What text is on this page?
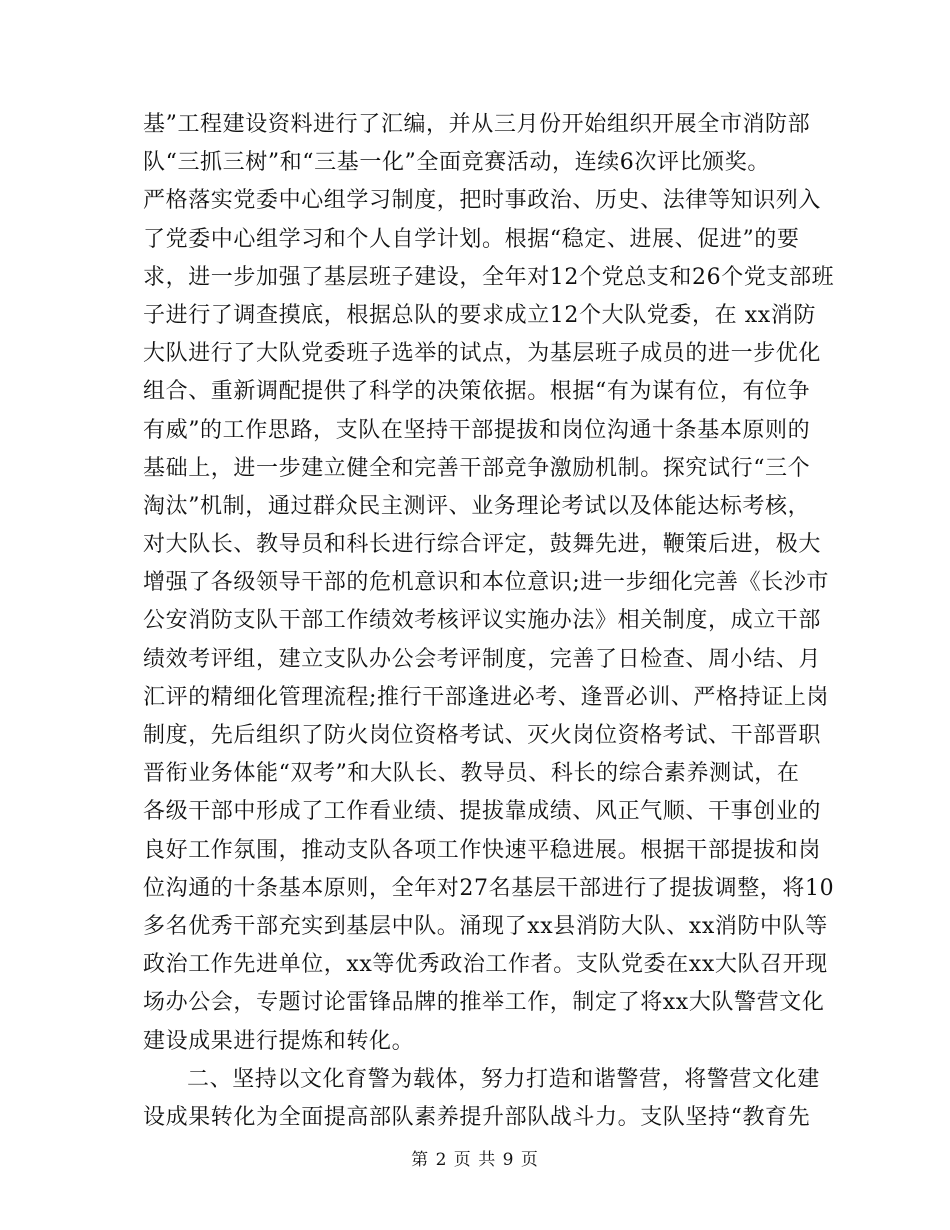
基”工程建设资料进行了汇编，并从三月份开始组织开展全市消防部
队“三抓三树”和“三基一化”全面竞赛活动，连续6次评比颁奖。
严格落实党委中心组学习制度，把时事政治、历史、法律等知识列入
了党委中心组学习和个人自学计划。根据“稳定、进展、促进”的要
求，进一步加强了基层班子建设，全年对12个党总支和26个党支部班
子进行了调查摸底，根据总队的要求成立12个大队党委，在 xx消防
大队进行了大队党委班子选举的试点，为基层班子成员的进一步优化
组合、重新调配提供了科学的决策依据。根据“有为谋有位，有位争
有威”的工作思路，支队在坚持干部提拔和岗位沟通十条基本原则的
基础上，进一步建立健全和完善干部竞争激励机制。探究试行“三个
淘汰”机制，通过群众民主测评、业务理论考试以及体能达标考核，
对大队长、教导员和科长进行综合评定，鼓舞先进，鞭策后进，极大
增强了各级领导干部的危机意识和本位意识;进一步细化完善《长沙市
公安消防支队干部工作绩效考核评议实施办法》相关制度，成立干部
绩效考评组，建立支队办公会考评制度，完善了日检查、周小结、月
汇评的精细化管理流程;推行干部逢进必考、逢晋必训、严格持证上岗
制度，先后组织了防火岗位资格考试、灭火岗位资格考试、干部晋职
晋衔业务体能“双考”和大队长、教导员、科长的综合素养测试，在
各级干部中形成了工作看业绩、提拔靠成绩、风正气顺、干事创业的
良好工作氛围，推动支队各项工作快速平稳进展。根据干部提拔和岗
位沟通的十条基本原则，全年对27名基层干部进行了提拔调整，将10
多名优秀干部充实到基层中队。涌现了xx县消防大队、xx消防中队等
政治工作先进单位，xx等优秀政治工作者。支队党委在xx大队召开现
场办公会，专题讨论雷锋品牌的推举工作，制定了将xx大队警营文化
建设成果进行提炼和转化。
二、坚持以文化育警为载体，努力打造和谐警营，将警营文化建
设成果转化为全面提高部队素养提升部队战斗力。支队坚持“教育先
第 2 页 共 9 页
